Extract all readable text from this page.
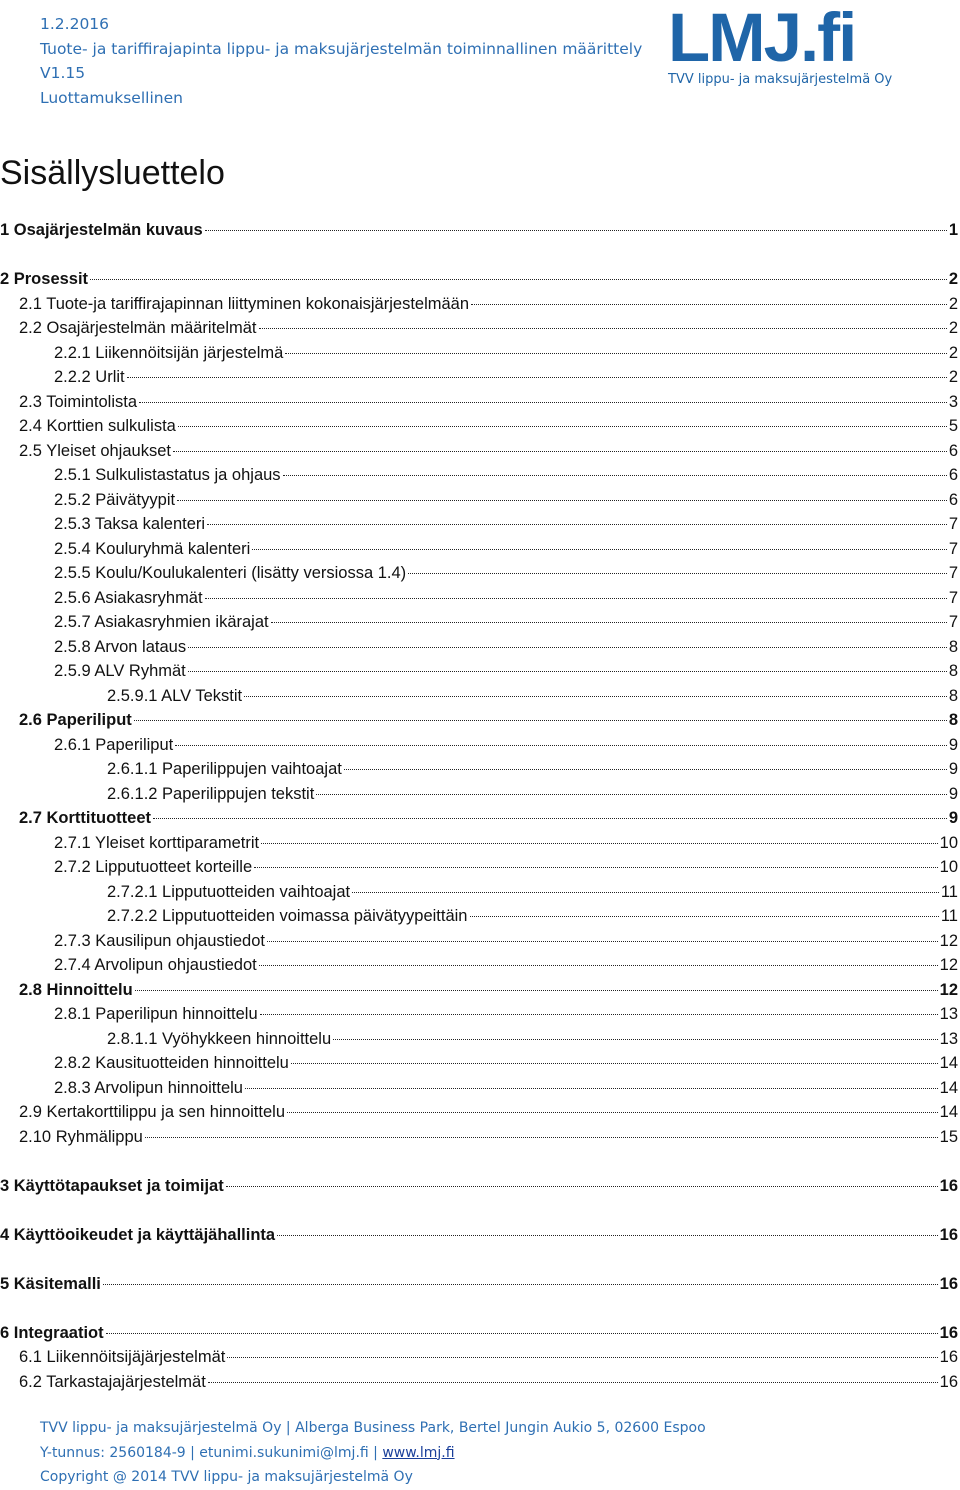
1.2.2016
Tuote- ja tariffirajapinta lippu- ja maksujärjestelmän toiminnallinen määrittely
V1.15
Luottamuksellinen
LMJ.fi
TVV lippu- ja maksujärjestelmä Oy
Sisällysluettelo
1 Osajärjestelmän kuvaus	1
2 Prosessit	2
2.1 Tuote-ja tariffirajapinnan liittyminen kokonaisjärjestelmään	2
2.2 Osajärjestelmän määritelmät	2
2.2.1 Liikennöitsijän järjestelmä	2
2.2.2 Urlit	2
2.3 Toimintolista	3
2.4 Korttien sulkulista	5
2.5 Yleiset ohjaukset	6
2.5.1 Sulkulistastatus ja ohjaus	6
2.5.2 Päivätyypit	6
2.5.3 Taksa kalenteri	7
2.5.4 Kouluryhmä kalenteri	7
2.5.5 Koulu/Koulukalenteri (lisätty versiossa 1.4)	7
2.5.6 Asiakasryhmät	7
2.5.7 Asiakasryhmien ikärajat	7
2.5.8 Arvon lataus	8
2.5.9 ALV Ryhmät	8
2.5.9.1 ALV Tekstit	8
2.6 Paperiliput	8
2.6.1 Paperiliput	9
2.6.1.1 Paperilippujen vaihtoajat	9
2.6.1.2 Paperilippujen tekstit	9
2.7 Korttituotteet	9
2.7.1 Yleiset korttiparametrit	10
2.7.2 Lipputuotteet korteille	10
2.7.2.1 Lipputuotteiden vaihtoajat	11
2.7.2.2 Lipputuotteiden voimassa päivätyypeittäin	11
2.7.3 Kausilipun ohjaustiedot	12
2.7.4 Arvolipun ohjaustiedot	12
2.8 Hinnoittelu	12
2.8.1 Paperilipun hinnoittelu	13
2.8.1.1 Vyöhykkeen hinnoittelu	13
2.8.2 Kausituotteiden hinnoittelu	14
2.8.3 Arvolipun hinnoittelu	14
2.9 Kertakorttilippu ja sen hinnoittelu	14
2.10 Ryhmälippu	15
3 Käyttötapaukset ja toimijat	16
4 Käyttöoikeudet ja käyttäjähallinta	16
5 Käsitemalli	16
6 Integraatiot	16
6.1 Liikennöitsijäjärjestelmät	16
6.2 Tarkastajajärjestelmät	16
TVV lippu- ja maksujärjestelmä Oy | Alberga Business Park, Bertel Jungin Aukio 5, 02600 Espoo
Y-tunnus: 2560184-9 | etunimi.sukunimi@lmj.fi | www.lmj.fi
Copyright @ 2014 TVV lippu- ja maksujärjestelmä Oy
